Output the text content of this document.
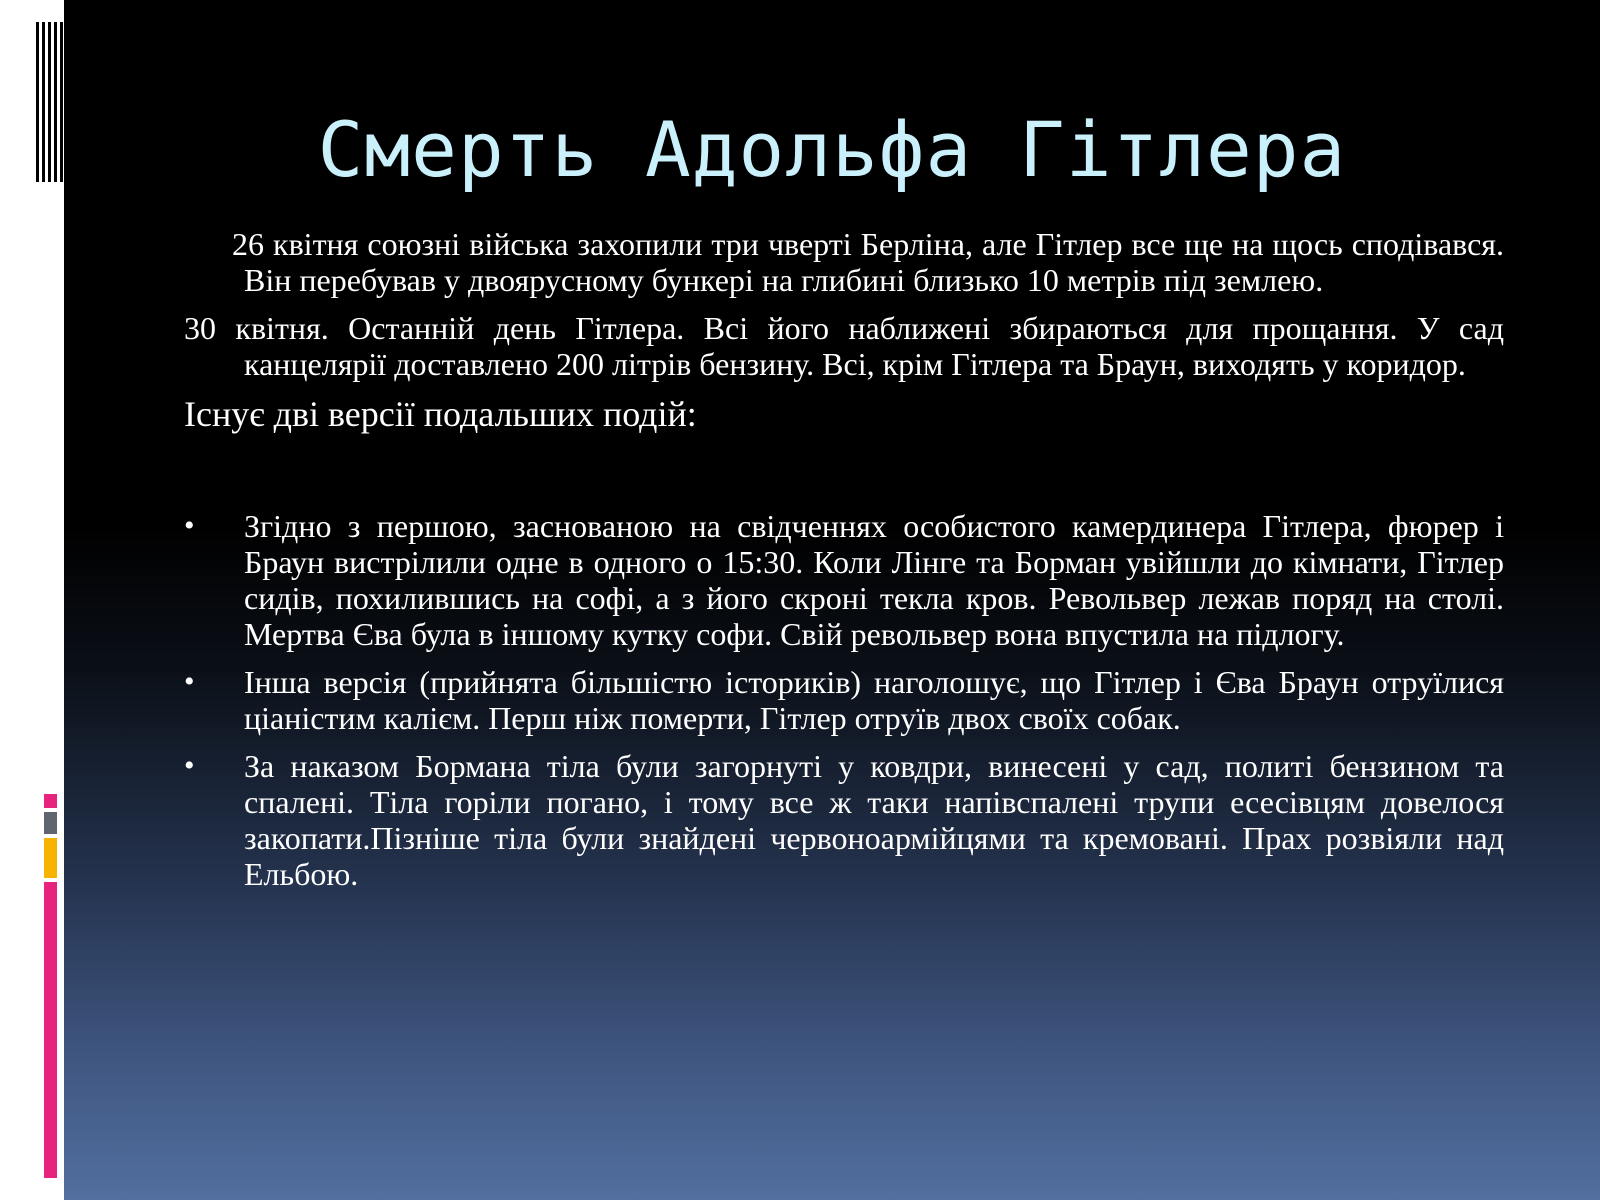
Смерть Адольфа Гітлера

26 квітня союзні війська захопили три чверті Берліна, але Гітлер все ще на щось сподівався. Він перебував у двоярусному бункері на глибині близько 10 метрів під землею.

30 квітня. Останній день Гітлера. Всі його наближені збираються для прощання. У сад канцелярії доставлено 200 літрів бензину. Всі, крім Гітлера та Браун, виходять у коридор.

Існує дві версії подальших подій:

•	Згідно з першою, заснованою на свідченнях особистого камердинера Гітлера, фюрер і Браун вистрілили одне в одного о 15:30. Коли Лінге та Борман увійшли до кімнати, Гітлер сидів, похилившись на софі, а з його скроні текла кров. Револьвер лежав поряд на столі. Мертва Єва була в іншому кутку софи. Свій револьвер вона впустила на підлогу.
•	Інша версія (прийнята більшістю істориків) наголошує, що Гітлер і Єва Браун отруїлися ціаністим калієм. Перш ніж померти, Гітлер отруїв двох своїх собак.
•	За наказом Бормана тіла були загорнуті у ковдри, винесені у сад, политі бензином та спалені. Тіла горіли погано, і тому все ж таки напівспалені трупи есесівцям довелося закопати.Пізніше тіла були знайдені червоноармійцями та кремовані. Прах розвіяли над Ельбою.
